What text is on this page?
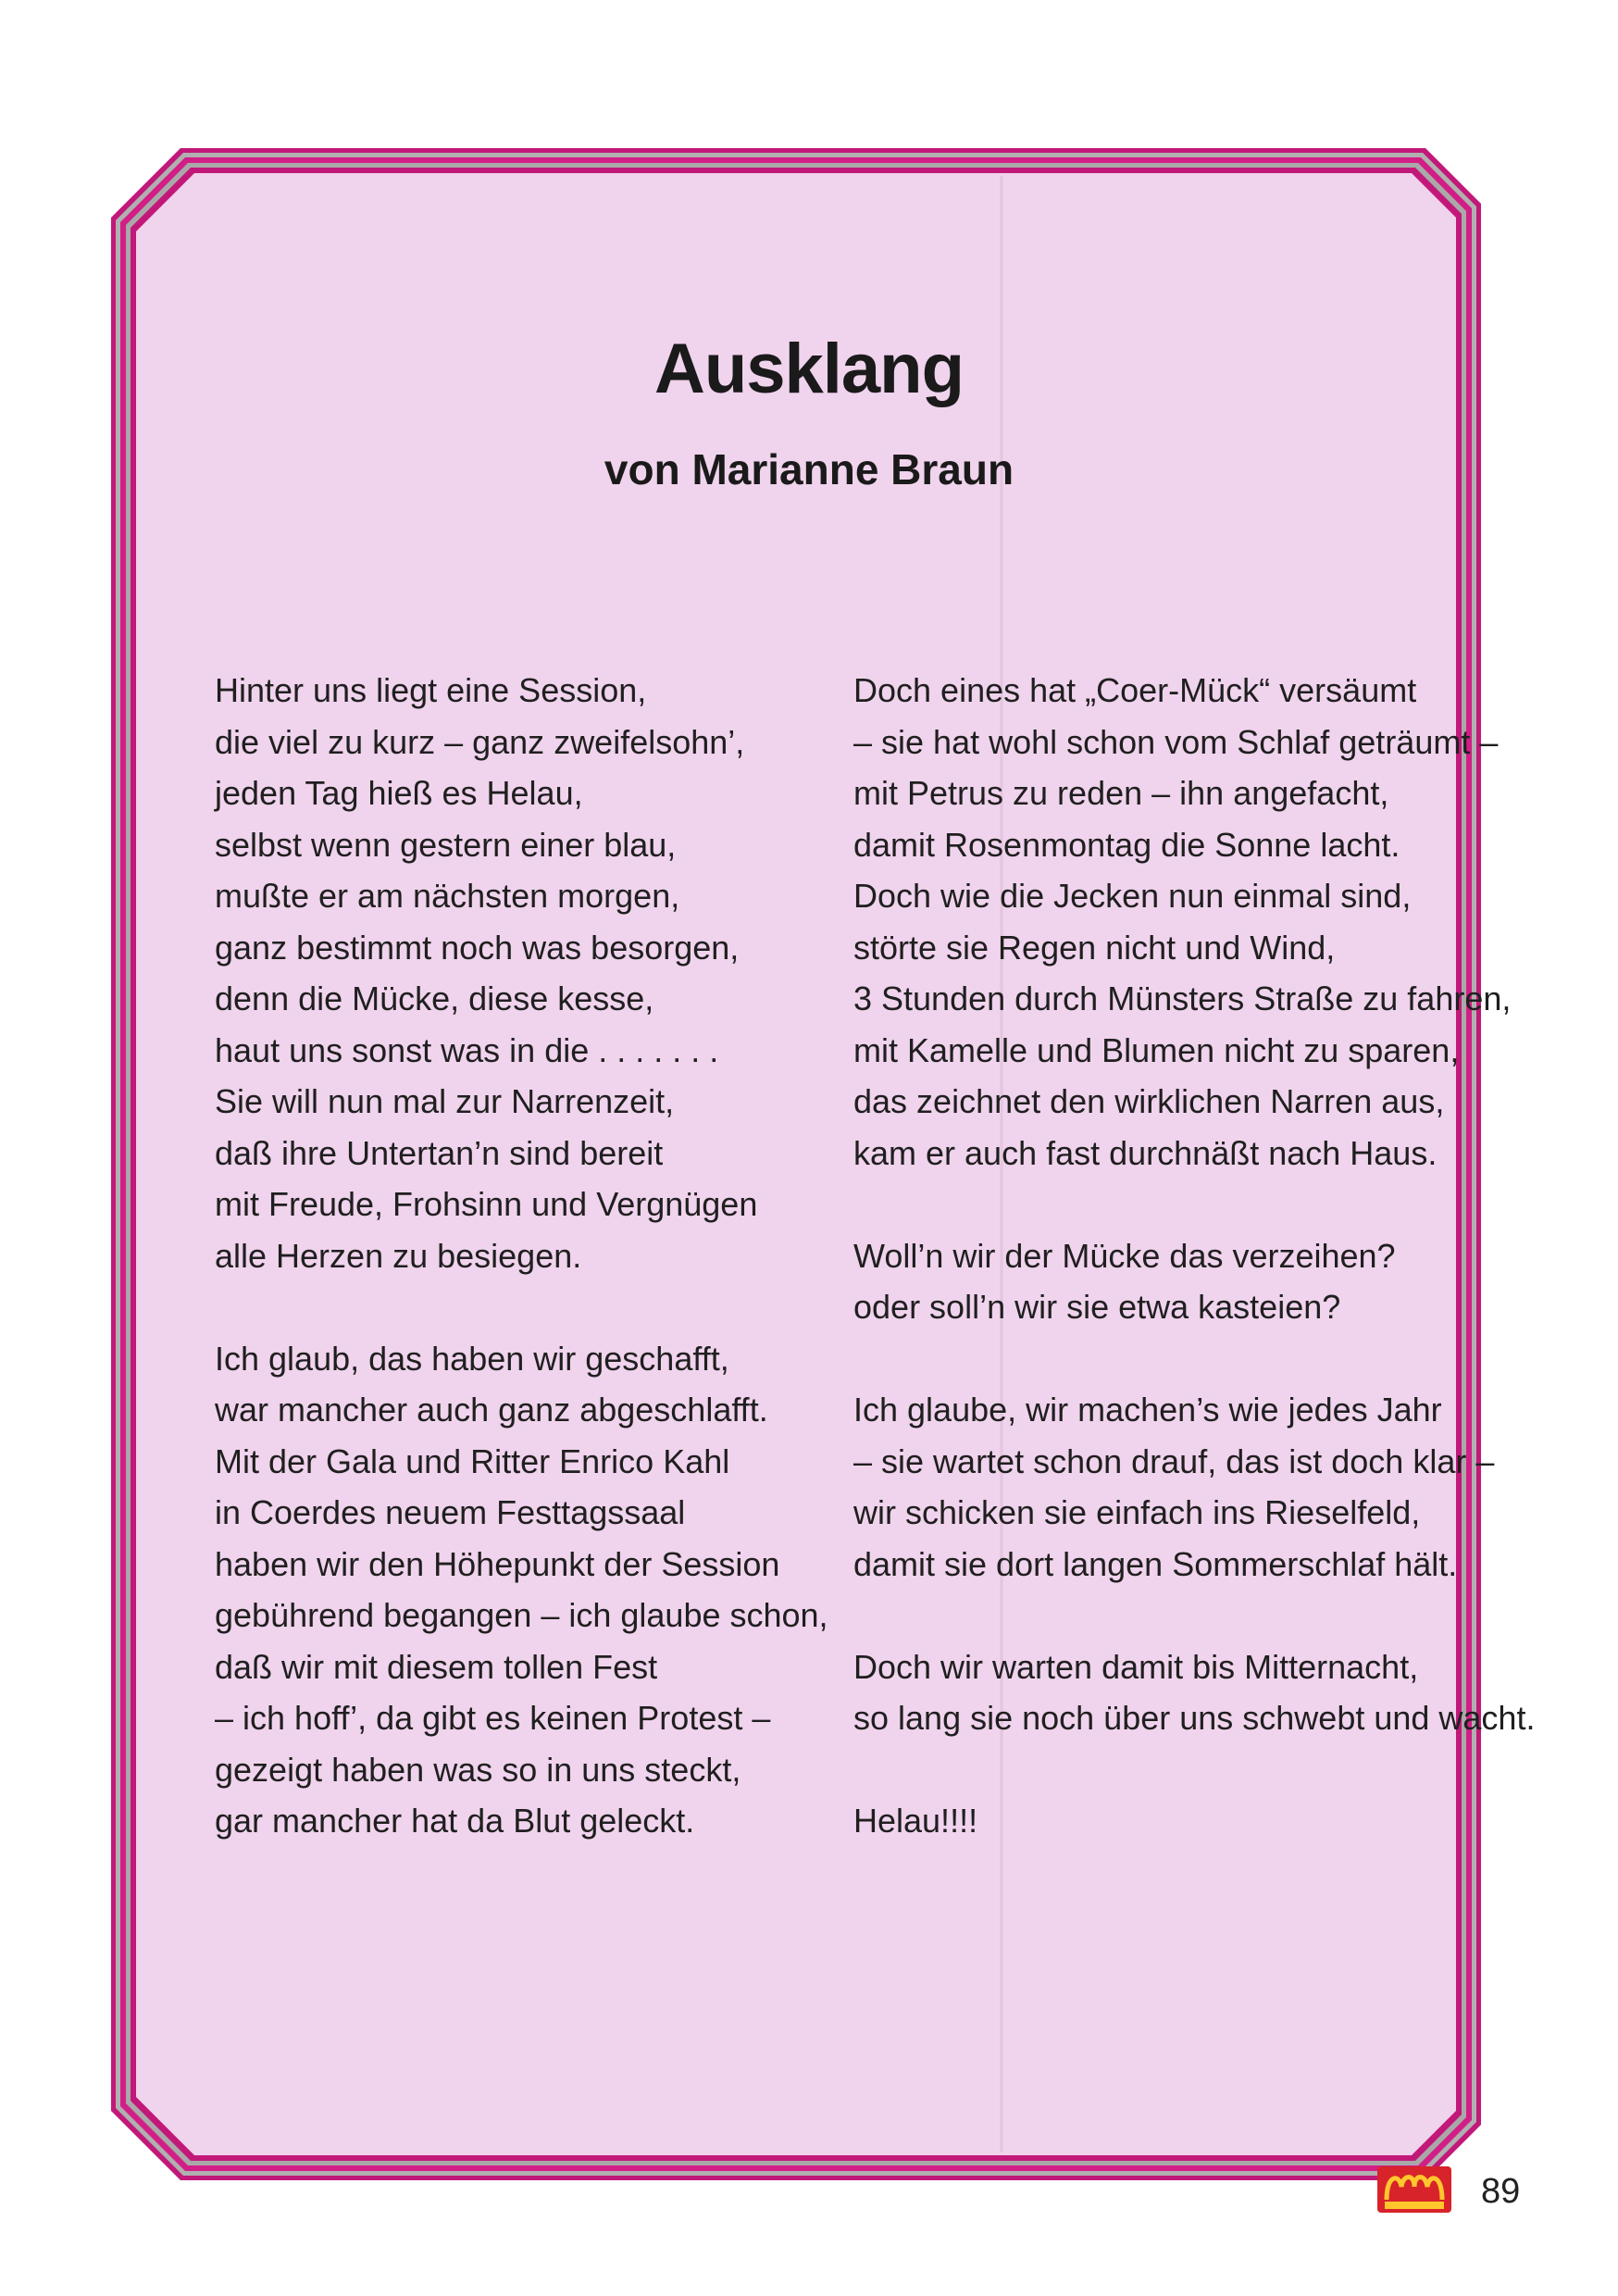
Ausklang
von Marianne Braun
Hinter uns liegt eine Session,
die viel zu kurz – ganz zweifelsohn’,
jeden Tag hieß es Helau,
selbst wenn gestern einer blau,
mußte er am nächsten morgen,
ganz bestimmt noch was besorgen,
denn die Mücke, diese kesse,
haut uns sonst was in die . . . . . . .
Sie will nun mal zur Narrenzeit,
daß ihre Untertan’n sind bereit
mit Freude, Frohsinn und Vergnügen
alle Herzen zu besiegen.
Ich glaub, das haben wir geschafft,
war mancher auch ganz abgeschlafft.
Mit der Gala und Ritter Enrico Kahl
in Coerdes neuem Festtagssaal
haben wir den Höhepunkt der Session
gebührend begangen – ich glaube schon,
daß wir mit diesem tollen Fest
– ich hoff’, da gibt es keinen Protest –
gezeigt haben was so in uns steckt,
gar mancher hat da Blut geleckt.
Doch eines hat „Coer-Mück“ versäumt
– sie hat wohl schon vom Schlaf geträumt –
mit Petrus zu reden – ihn angefacht,
damit Rosenmontag die Sonne lacht.
Doch wie die Jecken nun einmal sind,
störte sie Regen nicht und Wind,
3 Stunden durch Münsters Straße zu fahren,
mit Kamelle und Blumen nicht zu sparen,
das zeichnet den wirklichen Narren aus,
kam er auch fast durchnäßt nach Haus.
Woll’n wir der Mücke das verzeihen?
oder soll’n wir sie etwa kasteien?
Ich glaube, wir machen’s wie jedes Jahr
– sie wartet schon drauf, das ist doch klar –
wir schicken sie einfach ins Rieselfeld,
damit sie dort langen Sommerschlaf hält.
Doch wir warten damit bis Mitternacht,
so lang sie noch über uns schwebt und wacht.
Helau!!!!
89
